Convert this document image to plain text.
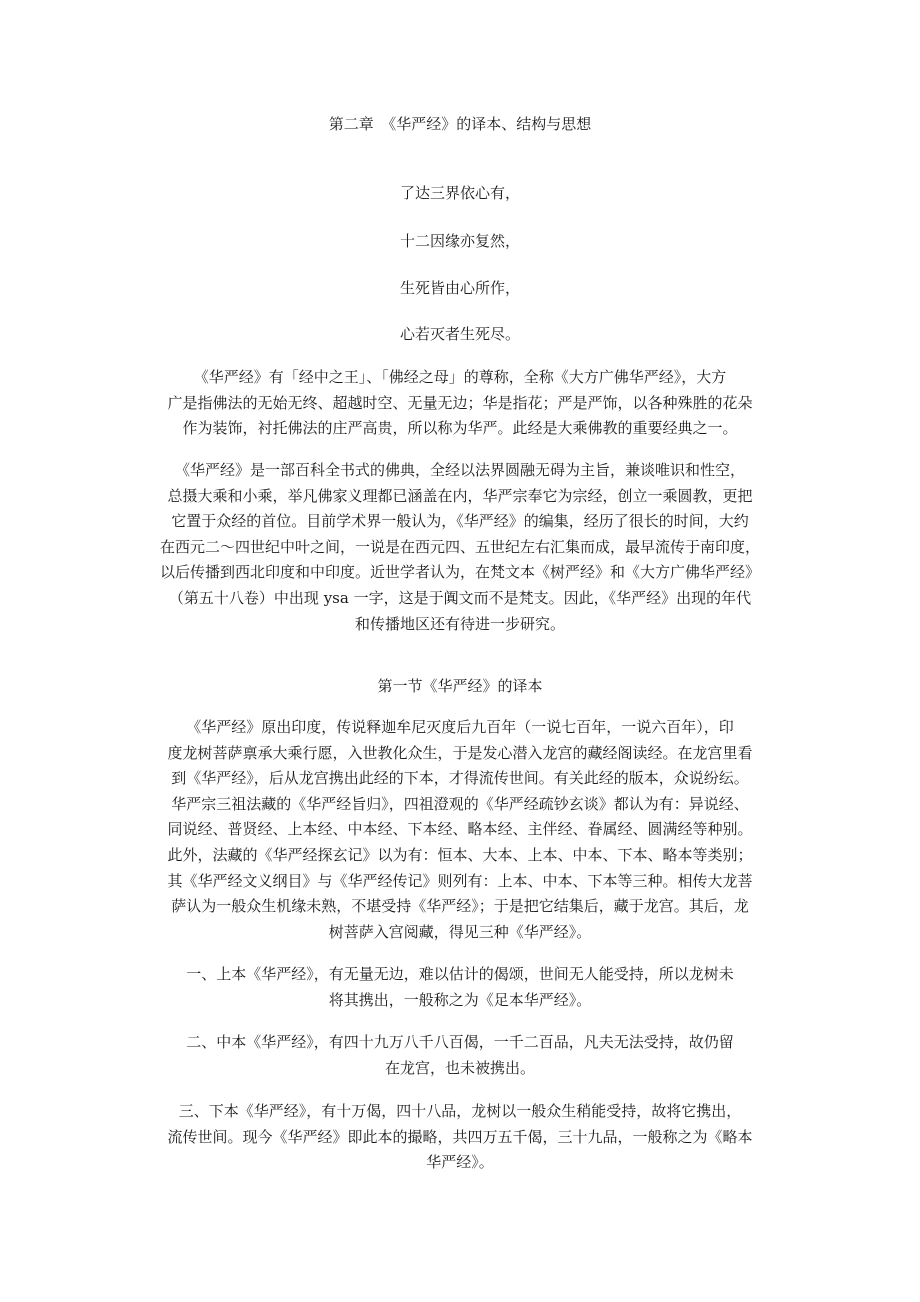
第二章　《华严经》的译本、结构与思想
了达三界依心有，
十二因缘亦复然，
生死皆由心所作，
心若灭者生死尽。

《华严经》有「经中之王」、「佛经之母」的尊称，全称《大方广佛华严经》，大方
广是指佛法的无始无终、超越时空、无量无边；华是指花；严是严饰，以各种殊胜的花朵
作为装饰，衬托佛法的庄严高贵，所以称为华严。此经是大乘佛教的重要经典之一。

《华严经》是一部百科全书式的佛典，全经以法界圆融无碍为主旨，兼谈唯识和性空，
总摄大乘和小乘，举凡佛家义理都已涵盖在内，华严宗奉它为宗经，创立一乘圆教，更把
它置于众经的首位。目前学术界一般认为，《华严经》的编集，经历了很长的时间，大约
在西元二～四世纪中叶之间，一说是在西元四、五世纪左右汇集而成，最早流传于南印度，
以后传播到西北印度和中印度。近世学者认为，在梵文本《树严经》和《大方广佛华严经》
（第五十八卷）中出现 ysa 一字，这是于阗文而不是梵支。因此，《华严经》出现的年代
和传播地区还有待进一步研究。

第一节《华严经》的译本

《华严经》原出印度，传说释迦牟尼灭度后九百年（一说七百年，一说六百年），印
度龙树菩萨禀承大乘行愿，入世教化众生，于是发心潜入龙宫的藏经阁读经。在龙宫里看
到《华严经》，后从龙宫携出此经的下本，才得流传世间。有关此经的版本，众说纷纭。
华严宗三祖法藏的《华严经旨归》，四祖澄观的《华严经疏钞玄谈》都认为有：异说经、
同说经、普贤经、上本经、中本经、下本经、略本经、主伴经、眷属经、圆满经等种别。
此外，法藏的《华严经探玄记》以为有：恒本、大本、上本、中本、下本、略本等类别；
其《华严经文义纲目》与《华严经传记》则列有：上本、中本、下本等三种。相传大龙菩
萨认为一般众生机缘未熟，不堪受持《华严经》；于是把它结集后，藏于龙宫。其后，龙
树菩萨入宫阅藏，得见三种《华严经》。

一、上本《华严经》，有无量无边，难以估计的偈颂，世间无人能受持，所以龙树未
将其携出，一般称之为《足本华严经》。

二、中本《华严经》，有四十九万八千八百偈，一千二百品，凡夫无法受持，故仍留
在龙宫，也未被携出。

三、下本《华严经》，有十万偈，四十八品，龙树以一般众生稍能受持，故将它携出，
流传世间。现今《华严经》即此本的撮略，共四万五千偈，三十九品，一般称之为《略本
华严经》。
